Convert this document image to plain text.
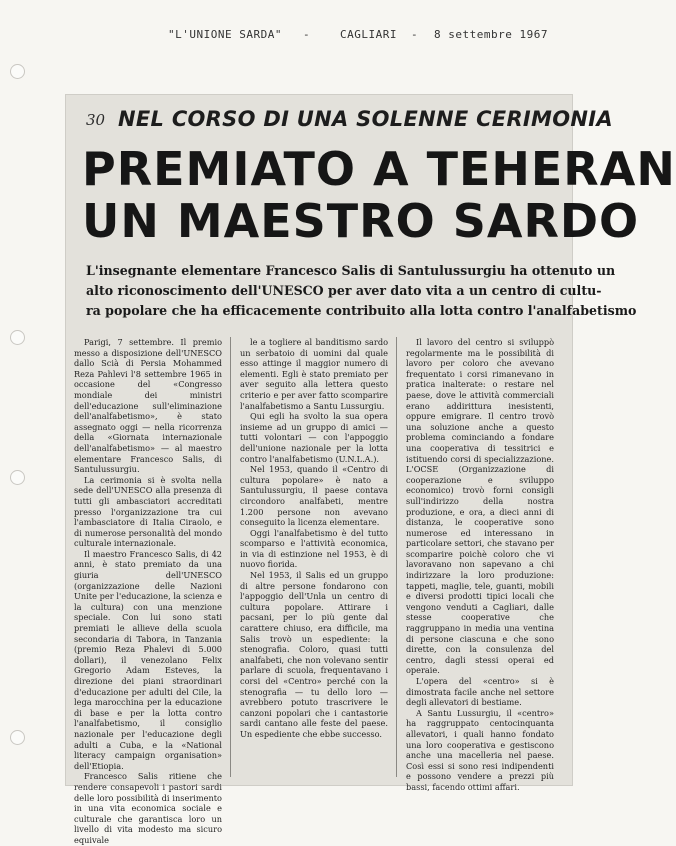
"L'UNIONE SARDA" -	CAGLIARI - 8 settembre 1967
30 NEL CORSO DI UNA SOLENNE CERIMONIA
PREMIATO A TEHERAN
UN MAESTRO SARDO
L'insegnante elementare Francesco Salis di Santulussurgiu ha ottenuto un
alto riconoscimento dell'UNESCO per aver dato vita a un centro di cultu-
ra popolare che ha efficacemente contribuito alla lotta contro l'analfabetismo

Parigi, 7 settembre. Il premio messo a disposizione dell'UNESCO dallo Scià di Persia Mohammed Reza Pahlevi l'8 settembre 1965 in occasione del «Congresso mondiale dei ministri dell'educazione sull'eliminazione dell'analfabetismo», è stato assegnato oggi — nella ricorrenza della «Giornata internazionale dell'analfabetismo» — al maestro elementare Francesco Salis, di Santulussurgiu.

La cerimonia si è svolta nella sede dell'UNESCO alla presenza di tutti gli ambasciatori accreditati presso l'organizzazione tra cui l'ambasciatore di Italia Ciraolo, e di numerose personalità del mondo culturale internazionale.

Il maestro Francesco Salis, di 42 anni, è stato premiato da una giuria dell'UNESCO (organizzazione delle Nazioni Unite per l'educazione, la scienza e la cultura) con una menzione speciale. Con lui sono stati premiati le allieve della scuola secondaria di Tabora, in Tanzania (premio Reza Phalevi di 5.000 dollari), il venezolano Felix Gregorio Adam Esteves, la direzione dei piani straordinari d'educazione per adulti del Cile, la lega marocchina per la educazione di base e per la lotta contro l'analfabetismo, il consiglio nazionale per l'educazione degli adulti a Cuba, e la «National literacy campaign organisation» dell'Etiopia.

Francesco Salis ritiene che rendere consapevoli i pastori sardi delle loro possibilità di inserimento in una vita economica sociale e culturale che garantisca loro un livello di vita modesto ma sicuro equivale

le a togliere al banditismo sardo un serbatoio di uomini dal quale esso attinge il maggior numero di elementi. Egli è stato premiato per aver seguito alla lettera questo criterio e per aver fatto scomparire l'analfabetismo a Santu Lussurgiu.

Qui egli ha svolto la sua opera insieme ad un gruppo di amici — tutti volontari — con l'appoggio dell'unione nazionale per la lotta contro l'analfabetismo (U.N.L.A.).

Nel 1953, quando il «Centro di cultura popolare» è nato a Santulussurgiu, il paese contava circondoro analfabeti, mentre 1.200 persone non avevano conseguito la licenza elementare.

Oggi l'analfabetismo è del tutto scomparso e l'attività economica, in via di estinzione nel 1953, è di nuovo fiorida.

Nel 1953, il Salis ed un gruppo di altre persone fondarono con l'appoggio dell'Unla un centro di cultura popolare. Attirare i pacsani, per lo più gente dal carattere chiuso, era difficile, ma Salis trovò un espediente: la stenografia. Coloro, quasi tutti analfabeti, che non volevano sentir parlare di scuola, frequentavano i corsi del «Centro» perché con la stenografia — tu dello loro — avrebbero potuto trascrivere le canzoni popolari che i cantastorie sardi cantano alle feste del paese. Un espediente che ebbe successo.

Il lavoro del centro si sviluppò regolarmente ma le possibilità di lavoro per coloro che avevano frequentato i corsi rimanevano in pratica inalterate: o restare nel paese, dove le attività commerciali erano addirittura inesistenti, oppure emigrare. Il centro trovò una soluzione anche a questo problema cominciando a fondare una cooperativa di tessitrici e istituendo corsi di specializzazione. L'OCSE (Organizzazione di cooperazione e sviluppo economico) trovò forni consigli sull'indirizzo della nostra produzione, e ora, a dieci anni di distanza, le cooperative sono numerose ed interessano in particolare settori, che stavano per scomparire poichè coloro che vi lavoravano non sapevano a chi indirizzare la loro produzione: tappeti, maglie, tele, guanti, mobili e diversi prodotti tipici locali che vengono venduti a Cagliari, dalle stesse cooperative che raggruppano in media una ventina di persone ciascuna e che sono dirette, con la consulenza del centro, dagli stessi operai ed operaie.

L'opera del «centro» si è dimostrata facile anche nel settore degli allevatori di bestiame.

A Santu Lussurgiu, il «centro» ha raggruppato centocinquanta allevatori, i quali hanno fondato una loro cooperativa e gestiscono anche una macelleria nel paese. Così essi si sono resi indipendenti e possono vendere a prezzi più bassi, facendo ottimi affari.
